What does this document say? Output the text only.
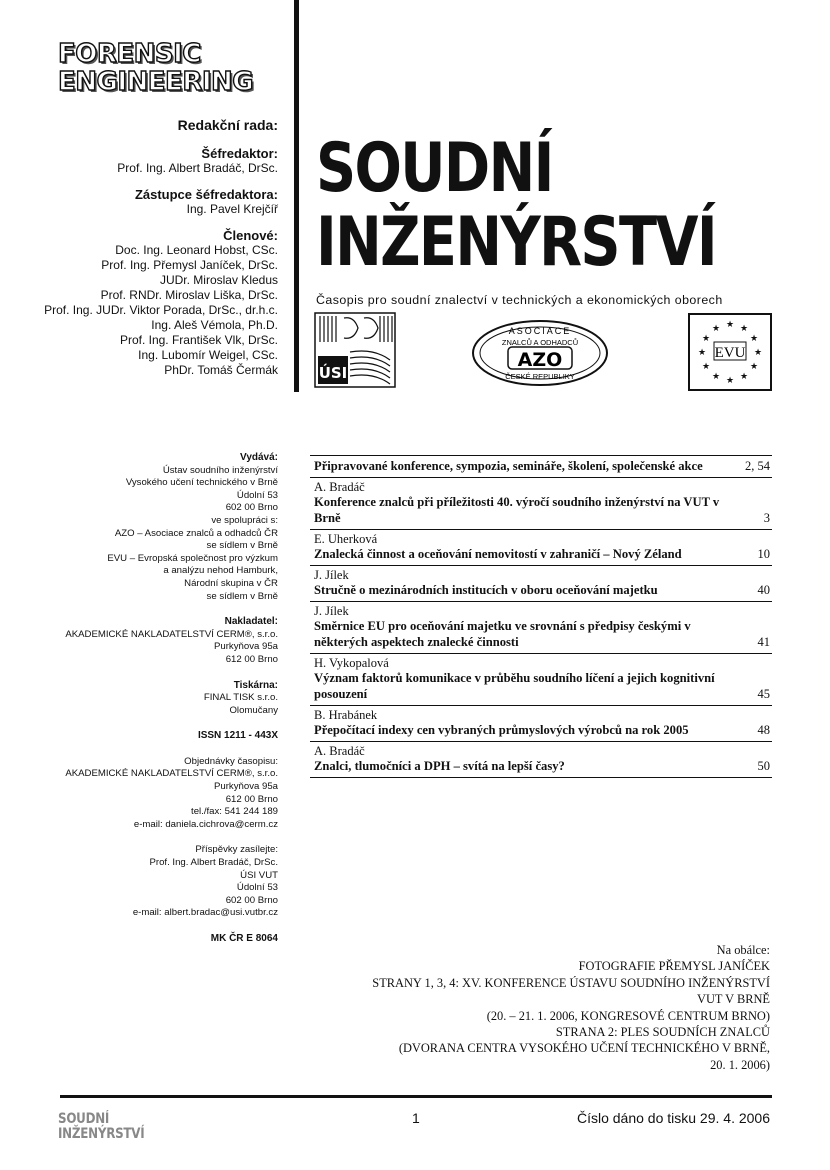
FORENSIC
ENGINEERING
Redakční rada:
Šéfredaktor:
Prof. Ing. Albert Bradáč, DrSc.
Zástupce šéfredaktora:
Ing. Pavel Krejčíř
Členové:
Doc. Ing. Leonard Hobst, CSc.
Prof. Ing. Přemysl Janíček, DrSc.
JUDr. Miroslav Kledus
Prof. RNDr. Miroslav Liška, DrSc.
Prof. Ing. JUDr. Viktor Porada, DrSc., dr.h.c.
Ing. Aleš Vémola, Ph.D.
Prof. Ing. František Vlk, DrSc.
Ing. Lubomír Weigel, CSc.
PhDr. Tomáš Čermák
SOUDNÍ
INŽENÝRSTVÍ
Časopis pro soudní znalectví v technických a ekonomických oborech
ÚSI
ASOCIACE
ZNALCŮ A ODHADCŮ
AZO
ČESKÉ REPUBLIKY
★ ★
★
★
★
★
★
★
★
★
★
★
EVU
Vydává:
Ústav soudního inženýrství
Vysokého učení technického v Brně
Údolní 53
602 00 Brno
ve spolupráci s:
AZO – Asociace znalců a odhadců ČR
se sídlem v Brně
EVU – Evropská společnost pro výzkum
a analýzu nehod Hamburk,
Národní skupina v ČR
se sídlem v Brně
Nakladatel:
AKADEMICKÉ NAKLADATELSTVÍ CERM®, s.r.o.
Purkyňova 95a
612 00 Brno
Tiskárna:
FINAL TISK s.r.o.
Olomučany
ISSN 1211 - 443X
Objednávky časopisu:
AKADEMICKÉ NAKLADATELSTVÍ CERM®, s.r.o.
Purkyňova 95a
612 00 Brno
tel./fax: 541 244 189
e-mail: daniela.cichrova@cerm.cz
Příspěvky zasílejte:
Prof. Ing. Albert Bradáč, DrSc.
ÚSI VUT
Údolní 53
602 00 Brno
e-mail: albert.bradac@usi.vutbr.cz
MK ČR E 8064
Připravované konference, sympozia, semináře, školení, společenské akce	2, 54
A. Bradáč
Konference znalců při příležitosti 40. výročí soudního inženýrství na VUT v Brně	3
E. Uherková
Znalecká činnost a oceňování nemovitostí v zahraničí – Nový Zéland	10
J. Jílek
Stručně o mezinárodních institucích v oboru oceňování majetku	40
J. Jílek
Směrnice EU pro oceňování majetku ve srovnání s předpisy českými v některých aspektech znalecké činnosti	41
H. Vykopalová
Význam faktorů komunikace v průběhu soudního líčení a jejich kognitivní posouzení	45
B. Hrabánek
Přepočítací indexy cen vybraných průmyslových výrobců na rok 2005	48
A. Bradáč
Znalci, tlumočníci a DPH – svítá na lepší časy?	50
Na obálce:
FOTOGRAFIE PŘEMYSL JANÍČEK
STRANY 1, 3, 4: XV. KONFERENCE ÚSTAVU SOUDNÍHO INŽENÝRSTVÍ
VUT V BRNĚ
(20. – 21. 1. 2006, KONGRESOVÉ CENTRUM BRNO)
STRANA 2: PLES SOUDNÍCH ZNALCŮ
(DVORANA CENTRA VYSOKÉHO UČENÍ TECHNICKÉHO V BRNĚ,
20. 1. 2006)
SOUDNÍ
INŽENÝRSTVÍ
1	Číslo dáno do tisku 29. 4. 2006
